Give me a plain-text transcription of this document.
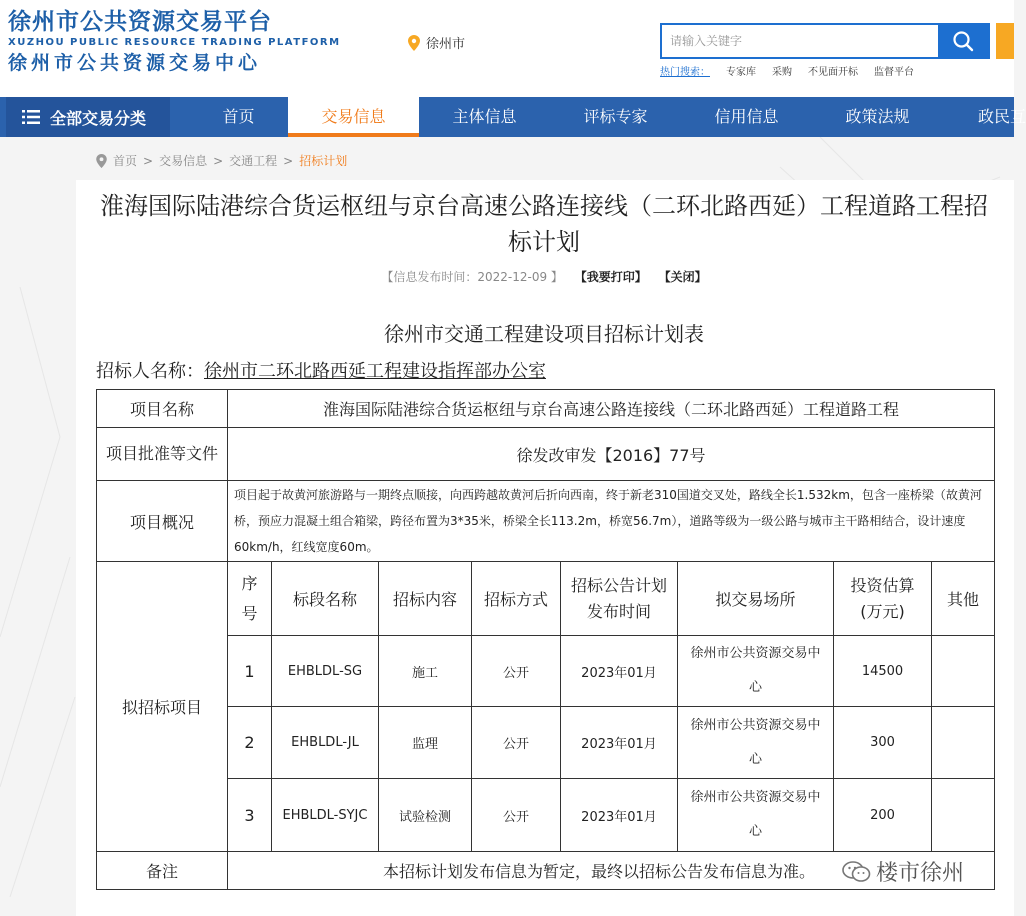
徐州市公共资源交易平台
XUZHOU PUBLIC RESOURCE TRADING PLATFORM
徐州市公共资源交易中心
徐州市
请输入关键字
热门搜索： 专家库 采购 不见面开标 监督平台
全部交易分类	首页	交易信息	主体信息	评标专家	信用信息	政策法规	政民互
首页 > 交易信息 > 交通工程 > 招标计划
淮海国际陆港综合货运枢纽与京台高速公路连接线（二环北路西延）工程道路工程招标计划
【信息发布时间：2022-12-09 】 【我要打印】 【关闭】
徐州市交通工程建设项目招标计划表
招标人名称：徐州市二环北路西延工程建设指挥部办公室
项目名称	淮海国际陆港综合货运枢纽与京台高速公路连接线（二环北路西延）工程道路工程							
项目批准等文件	徐发改审发【2016】77号							
项目概况	项目起于故黄河旅游路与一期终点顺接，向西跨越故黄河后折向西南，终于新老310国道交叉处，路线全长1.532km，包含一座桥梁（故黄河桥，预应力混凝土组合箱梁，跨径布置为3*35米，桥梁全长113.2m，桥宽56.7m），道路等级为一级公路与城市主干路相结合，设计速度60km/h，红线宽度60m。							
拟招标项目	序号	标段名称	招标内容	招标方式	招标公告计划发布时间	拟交易场所	投资估算(万元)	其他
	1	EHBLDL-SG	施工	公开	2023年01月	徐州市公共资源交易中心	14500	
	2	EHBLDL-JL	监理	公开	2023年01月	徐州市公共资源交易中心	300	
	3	EHBLDL-SYJC	试验检测	公开	2023年01月	徐州市公共资源交易中心	200	
备注	本招标计划发布信息为暂定，最终以招标公告发布信息为准。								楼市徐州
